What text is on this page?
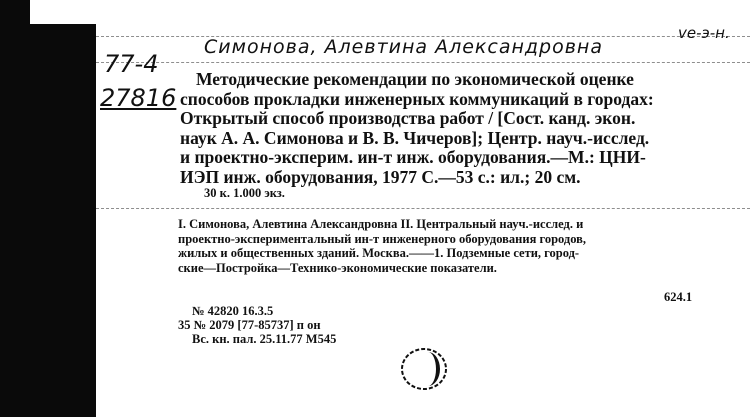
Симонова, Алевтина Александровна
ve-э-н.
77-4
27816
Методические рекомендации по экономической оценке
способов прокладки инженерных коммуникаций в городах:
Открытый способ производства работ / [Сост. канд. экон.
наук А. А. Симонова и В. В. Чичеров]; Центр. науч.-исслед.
и проектно-эксперим. ин-т инж. оборудования.—М.: ЦНИ-
ИЭП инж. оборудования, 1977 С.—53 с.: ил.; 20 см.
30 к. 1.000 экз.
I. Симонова, Алевтина Александровна II. Центральный науч.-исслед. и
проектно-экспериментальный ин-т инженерного оборудования городов,
жилых и общественных зданий. Москва.——1. Подземные сети, город-
ские—Постройка—Технико-экономические показатели.
624.1
№ 42820 16.3.5
35 № 2079 [77-85737] п он
Вс. кн. пал. 25.11.77 М545
